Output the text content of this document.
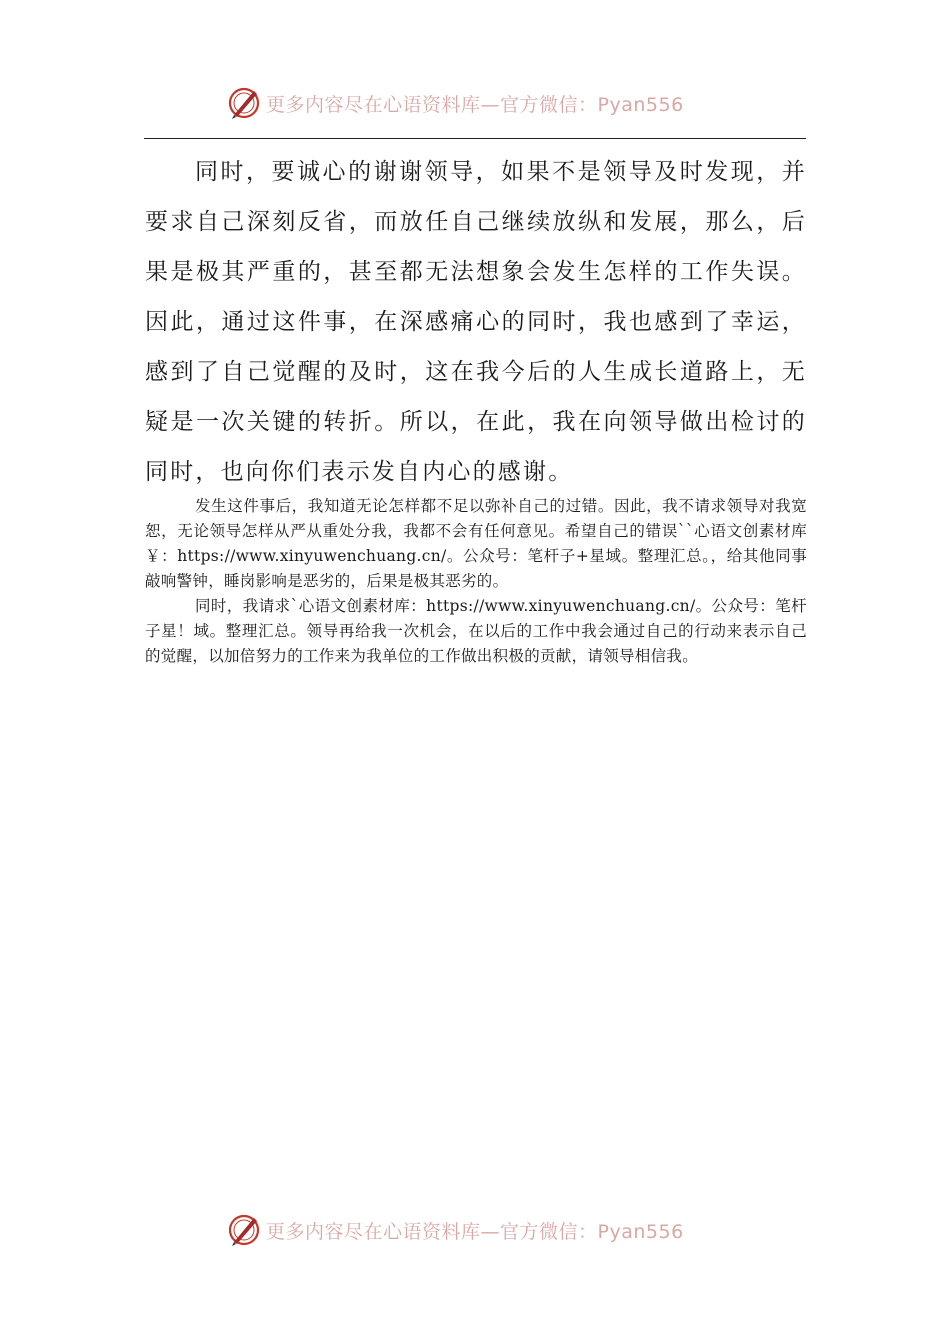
更多内容尽在心语资料库—官方微信：Pyan556

同时，要诚心的谢谢领导，如果不是领导及时发现，并要求自己深刻反省，而放任自己继续放纵和发展，那么，后果是极其严重的，甚至都无法想象会发生怎样的工作失误。因此，通过这件事，在深感痛心的同时，我也感到了幸运，感到了自己觉醒的及时，这在我今后的人生成长道路上，无疑是一次关键的转折。所以，在此，我在向领导做出检讨的同时，也向你们表示发自内心的感谢。

发生这件事后，我知道无论怎样都不足以弥补自己的过错。因此，我不请求领导对我宽恕，无论领导怎样从严从重处分我，我都不会有任何意见。希望自己的错误``心语文创素材库￥：https://www.xinyuwenchuang.cn/。公众号：笔杆子+星域。整理汇总。，给其他同事敲响警钟，睡岗影响是恶劣的，后果是极其恶劣的。

同时，我请求`心语文创素材库：https://www.xinyuwenchuang.cn/。公众号：笔杆子星！域。整理汇总。领导再给我一次机会，在以后的工作中我会通过自己的行动来表示自己的觉醒，以加倍努力的工作来为我单位的工作做出积极的贡献，请领导相信我。

更多内容尽在心语资料库—官方微信：Pyan556
